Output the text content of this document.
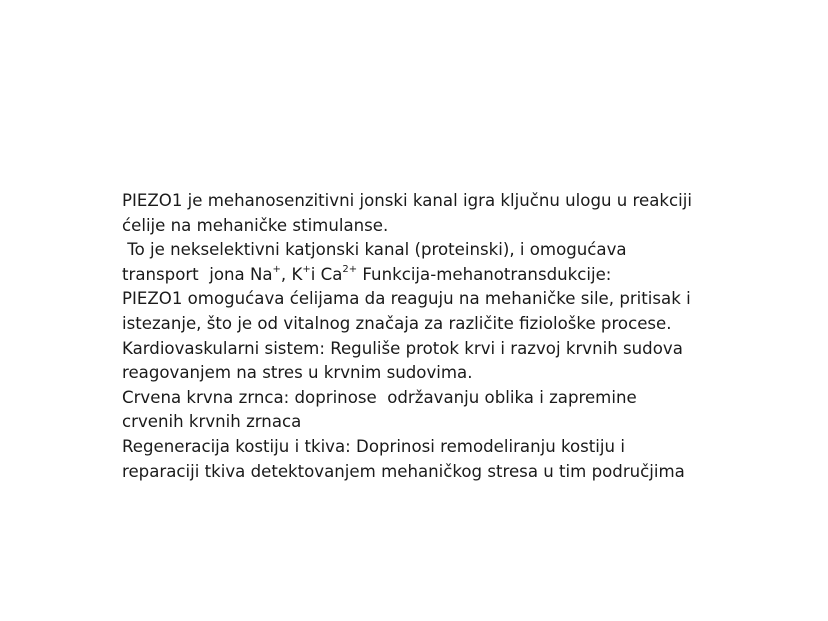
PIEZO1 je mehanosenzitivni jonski kanal igra ključnu ulogu u reakciji
ćelije na mehaničke stimulanse.
To je nekselektivni katjonski kanal (proteinski), i omogućava
transport  jona Na+, K+i $Ca^{2+}$ Funkcija-mehanotransdukcije:
PIEZO1 omogućava ćelijama da reaguju na mehaničke sile, pritisak i
istezanje, što je od vitalnog značaja za različite fiziološke procese.
Kardiovaskularni sistem: Reguliše protok krvi i razvoj krvnih sudova
reagovanjem na stres u krvnim sudovima.
Crvena krvna zrnca: doprinose  održavanju oblika i zapremine
crvenih krvnih zrnaca
Regeneracija kostiju i tkiva: Doprinosi remodeliranju kostiju i
reparaciji tkiva detektovanjem mehaničkog stresa u tim područjima
